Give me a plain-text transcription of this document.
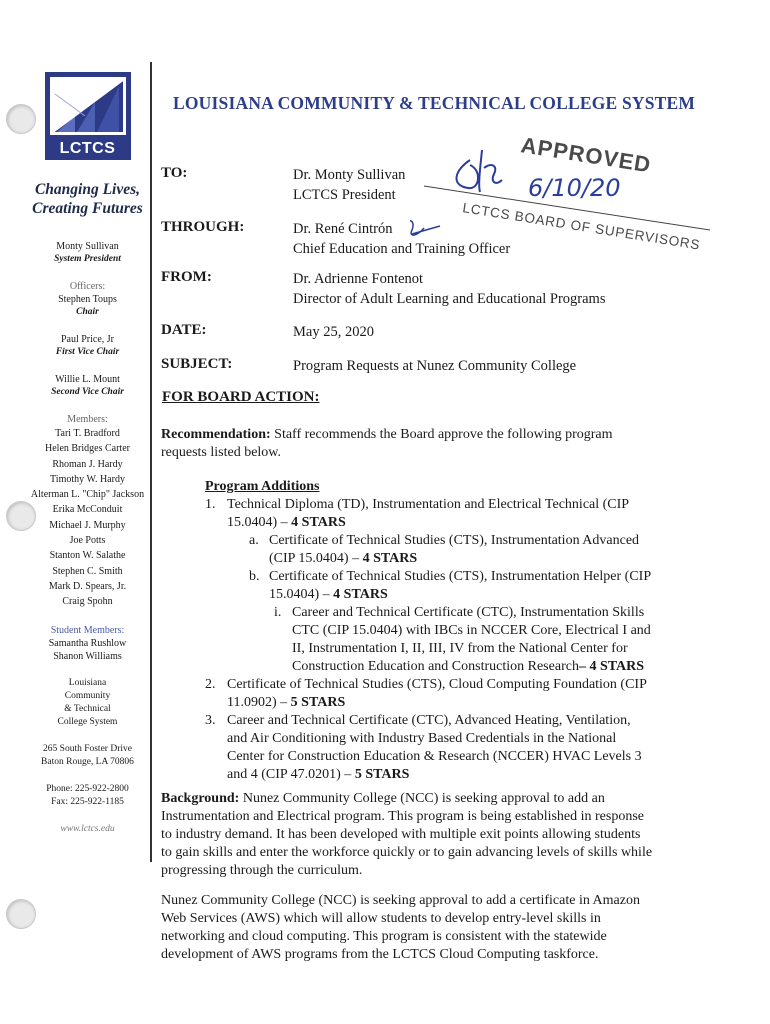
LCTCS
Changing Lives,
Creating Futures

Monty Sullivan

System President

Officers:

Stephen Toups

Chair

Paul Price, Jr

First Vice Chair

Willie L. Mount

Second Vice Chair

Members:

Tari T. Bradford

Helen Bridges Carter

Rhoman J. Hardy

Timothy W. Hardy

Alterman L. "Chip" Jackson

Erika McConduit

Michael J. Murphy

Joe Potts

Stanton W. Salathe

Stephen C. Smith

Mark D. Spears, Jr.

Craig Spohn

Student Members:

Samantha Rushlow

Shanon Williams

Louisiana

Community

& Technical

College System

265 South Foster Drive

Baton Rouge, LA 70806

Phone: 225-922-2800

Fax: 225-922-1185

www.lctcs.edu

LOUISIANA COMMUNITY & TECHNICAL COLLEGE SYSTEM
TO:	Dr. Monty Sullivan
LCTCS President
THROUGH:	Dr. René Cintrón
Chief Education and Training Officer
FROM:	Dr. Adrienne Fontenot
Director of Adult Learning and Educational Programs
DATE:	May 25, 2020
SUBJECT:	Program Requests at Nunez Community College
APPROVED
LCTCS BOARD OF SUPERVISORS
6/10/20
FOR BOARD ACTION:
Recommendation: Staff recommends the Board approve the following program
requests listed below.
Program Additions
1. Technical Diploma (TD), Instrumentation and Electrical Technical (CIP
15.0404) – 4 STARS
a. Certificate of Technical Studies (CTS), Instrumentation Advanced
(CIP 15.0404) – 4 STARS
b. Certificate of Technical Studies (CTS), Instrumentation Helper (CIP
15.0404) – 4 STARS
i. Career and Technical Certificate (CTC), Instrumentation Skills
CTC (CIP 15.0404) with IBCs in NCCER Core, Electrical I and
II, Instrumentation I, II, III, IV from the National Center for
Construction Education and Construction Research– 4 STARS
2. Certificate of Technical Studies (CTS), Cloud Computing Foundation (CIP
11.0902) – 5 STARS
3. Career and Technical Certificate (CTC), Advanced Heating, Ventilation,
and Air Conditioning with Industry Based Credentials in the National
Center for Construction Education & Research (NCCER) HVAC Levels 3
and 4 (CIP 47.0201) – 5 STARS
Background: Nunez Community College (NCC) is seeking approval to add an
Instrumentation and Electrical program. This program is being established in response
to industry demand. It has been developed with multiple exit points allowing students
to gain skills and enter the workforce quickly or to gain advancing levels of skills while
progressing through the curriculum.
Nunez Community College (NCC) is seeking approval to add a certificate in Amazon
Web Services (AWS) which will allow students to develop entry-level skills in
networking and cloud computing. This program is consistent with the statewide
development of AWS programs from the LCTCS Cloud Computing taskforce.
